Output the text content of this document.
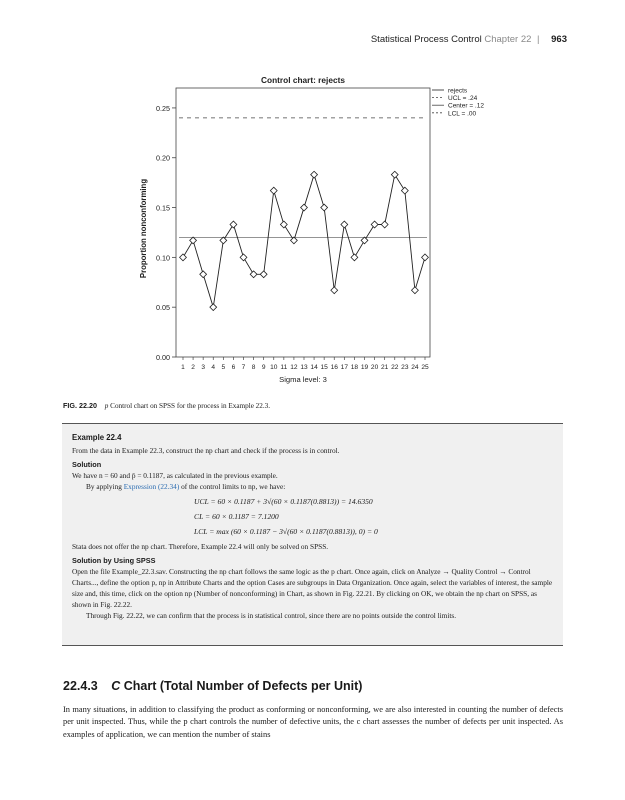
Statistical Process Control Chapter 22 | 963
Control chart: rejects
0.00
0.05
0.10
0.15
0.20
0.25
1 2 3 4 5 6 7 8 9 10 11 12 13 14 15 16 17 18 19 20 21 22 23 24 25
Sigma level: 3
Proportion nonconforming
rejects
UCL = .24
Center = .12
LCL = .00
FIG. 22.20 p Control chart on SPSS for the process in Example 22.3.
Example 22.4

From the data in Example 22.3, construct the np chart and check if the process is in control.

Solution

We have n = 60 and p̄ = 0.1187, as calculated in the previous example.

By applying Expression (22.34) of the control limits to np, we have:

UCL = 60 × 0.1187 + 3√(60 × 0.1187(0.8813)) = 14.6350
CL = 60 × 0.1187 = 7.1200
LCL = max (60 × 0.1187 − 3√(60 × 0.1187(0.8813)), 0) = 0

Stata does not offer the np chart. Therefore, Example 22.4 will only be solved on SPSS.

Solution by Using SPSS

Open the file Example_22.3.sav. Constructing the np chart follows the same logic as the p chart. Once again, click on Analyze → Quality Control → Control Charts..., define the option p, np in Attribute Charts and the option Cases are subgroups in Data Organization. Once again, select the variables of interest, the sample size and, this time, click on the option np (Number of nonconforming) in Chart, as shown in Fig. 22.21. By clicking on OK, we obtain the np chart on SPSS, as shown in Fig. 22.22.

Through Fig. 22.22, we can confirm that the process is in statistical control, since there are no points outside the control limits.

22.4.3 C Chart (Total Number of Defects per Unit)
In many situations, in addition to classifying the product as conforming or nonconforming, we are also interested in counting the number of defects per unit inspected. Thus, while the p chart controls the number of defective units, the c chart assesses the number of defects per unit inspected. As examples of application, we can mention the number of stains
